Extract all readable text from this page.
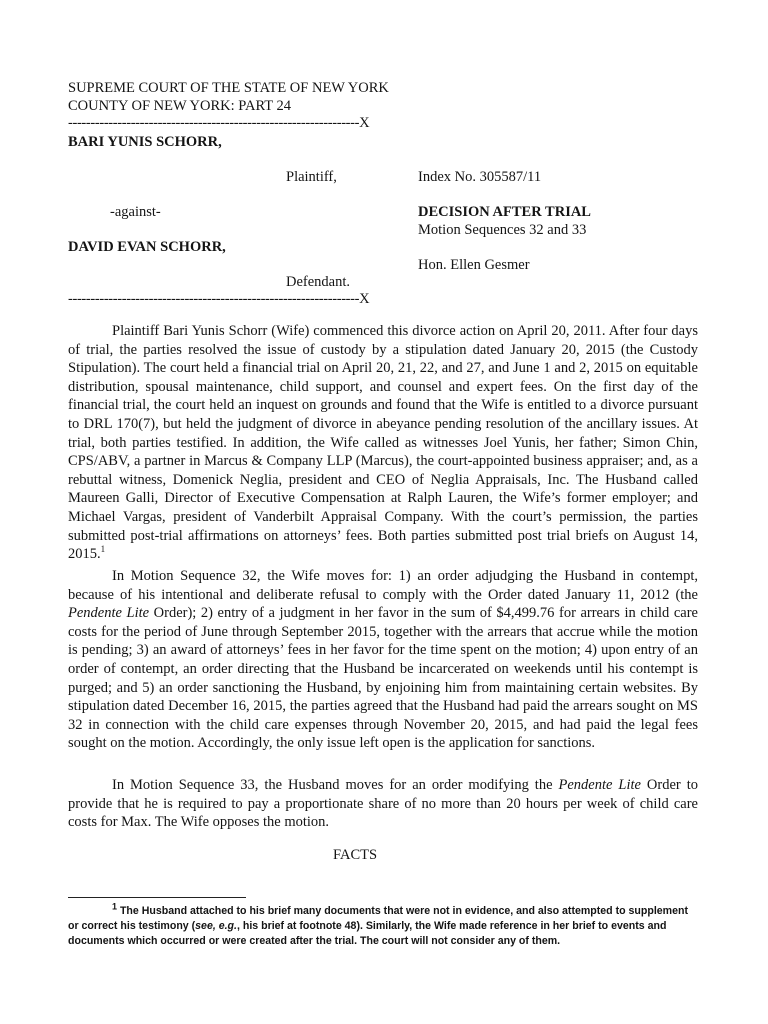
SUPREME COURT OF THE STATE OF NEW YORK
COUNTY OF NEW YORK: PART 24
-----------------------------------------------------------------X
BARI YUNIS SCHORR,
Plaintiff,	Index No. 305587/11
-against-	DECISION AFTER TRIAL
Motion Sequences 32 and 33
DAVID EVAN SCHORR,
Hon. Ellen Gesmer
Defendant.
-----------------------------------------------------------------X

Plaintiff Bari Yunis Schorr (Wife) commenced this divorce action on April 20, 2011. After four days of trial, the parties resolved the issue of custody by a stipulation dated January 20, 2015 (the Custody Stipulation). The court held a financial trial on April 20, 21, 22, and 27, and June 1 and 2, 2015 on equitable distribution, spousal maintenance, child support, and counsel and expert fees. On the first day of the financial trial, the court held an inquest on grounds and found that the Wife is entitled to a divorce pursuant to DRL 170(7), but held the judgment of divorce in abeyance pending resolution of the ancillary issues. At trial, both parties testified. In addition, the Wife called as witnesses Joel Yunis, her father; Simon Chin, CPS/ABV, a partner in Marcus & Company LLP (Marcus), the court-appointed business appraiser; and, as a rebuttal witness, Domenick Neglia, president and CEO of Neglia Appraisals, Inc. The Husband called Maureen Galli, Director of Executive Compensation at Ralph Lauren, the Wife’s former employer; and Michael Vargas, president of Vanderbilt Appraisal Company. With the court’s permission, the parties submitted post-trial affirmations on attorneys’ fees. Both parties submitted post trial briefs on August 14, 2015.$^1$

In Motion Sequence 32, the Wife moves for: 1) an order adjudging the Husband in contempt, because of his intentional and deliberate refusal to comply with the Order dated January 11, 2012 (the Pendente Lite Order); 2) entry of a judgment in her favor in the sum of $4,499.76 for arrears in child care costs for the period of June through September 2015, together with the arrears that accrue while the motion is pending; 3) an award of attorneys’ fees in her favor for the time spent on the motion; 4) upon entry of an order of contempt, an order directing that the Husband be incarcerated on weekends until his contempt is purged; and 5) an order sanctioning the Husband, by enjoining him from maintaining certain websites. By stipulation dated December 16, 2015, the parties agreed that the Husband had paid the arrears sought on MS 32 in connection with the child care expenses through November 20, 2015, and had paid the legal fees sought on the motion. Accordingly, the only issue left open is the application for sanctions.

In Motion Sequence 33, the Husband moves for an order modifying the Pendente Lite Order to provide that he is required to pay a proportionate share of no more than 20 hours per week of child care costs for Max. The Wife opposes the motion.

FACTS

$^1$ The Husband attached to his brief many documents that were not in evidence, and also attempted to supplement or correct his testimony (see, e.g., his brief at footnote 48). Similarly, the Wife made reference in her brief to events and documents which occurred or were created after the trial. The court will not consider any of them.
